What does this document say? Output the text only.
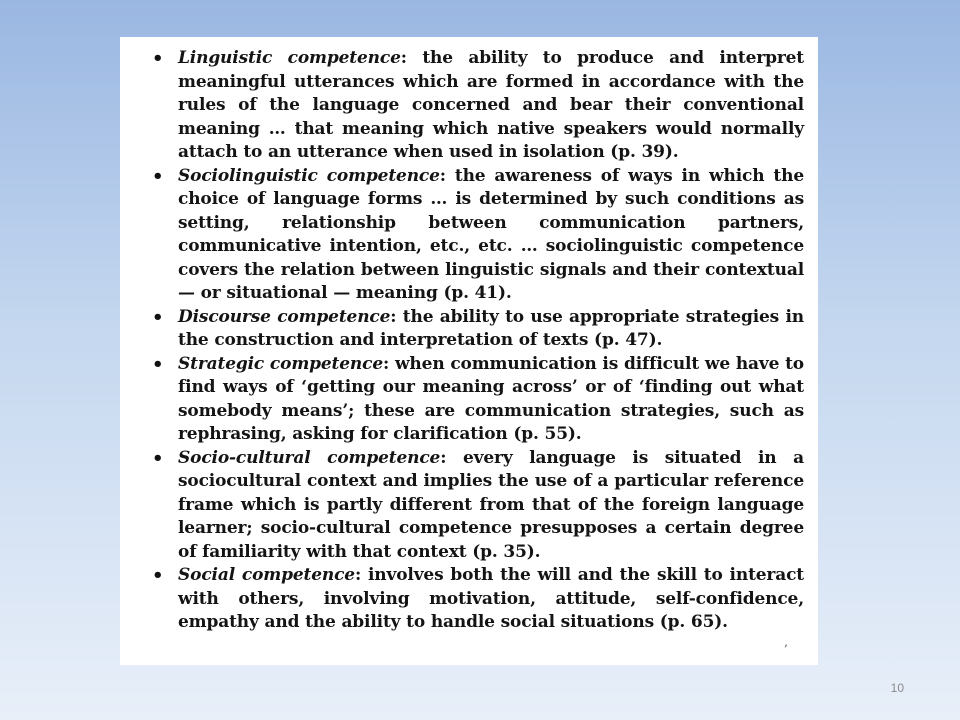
• Linguistic competence: the ability to produce and interpret meaningful utterances which are formed in accordance with the rules of the language concerned and bear their conventional meaning … that meaning which native speakers would normally attach to an utterance when used in isolation (p. 39).
• Sociolinguistic competence: the awareness of ways in which the choice of language forms … is determined by such conditions as setting, relationship between communication partners, communicative intention, etc., etc. … sociolinguistic competence covers the relation between linguistic signals and their contextual — or situational — meaning (p. 41).
• Discourse competence: the ability to use appropriate strategies in the construction and interpretation of texts (p. 47).
• Strategic competence: when communication is difficult we have to find ways of ‘getting our meaning across’ or of ‘finding out what somebody means’; these are communication strategies, such as rephrasing, asking for clarification (p. 55).
• Socio-cultural competence: every language is situated in a sociocultural context and implies the use of a particular reference frame which is partly different from that of the foreign language learner; socio-cultural competence presupposes a certain degree of familiarity with that context (p. 35).
• Social competence: involves both the will and the skill to interact with others, involving motivation, attitude, self-confidence, empathy and the ability to handle social situations (p. 65).
,
10
